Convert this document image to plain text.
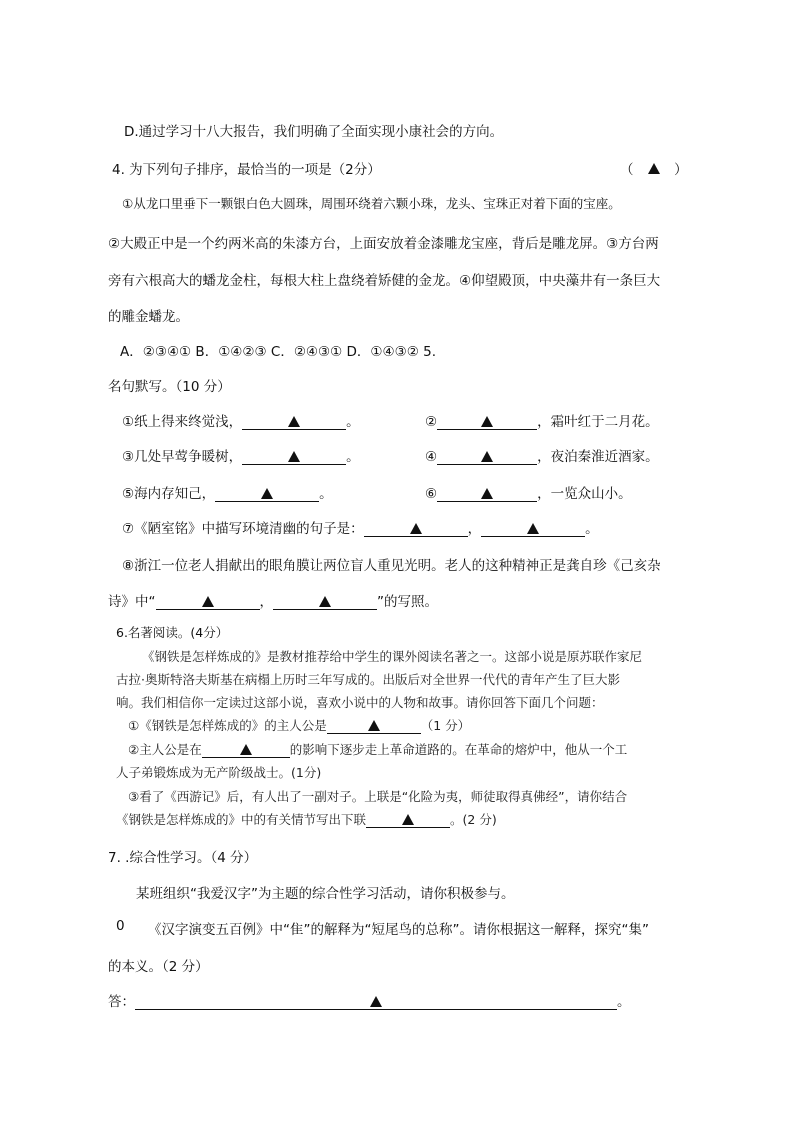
D.通过学习十八大报告，我们明确了全面实现小康社会的方向。
4. 为下列句子排序，最恰当的一项是（2分）	（	）
①从龙口里垂下一颗银白色大圆珠，周围环绕着六颗小珠，龙头、宝珠正对着下面的宝座。
②大殿正中是一个约两米高的朱漆方台，上面安放着金漆雕龙宝座，背后是雕龙屏。③方台两
旁有六根高大的蟠龙金柱，每根大柱上盘绕着矫健的金龙。④仰望殿顶，中央藻井有一条巨大
的雕金蟠龙。
A．②③④① B．①④②③ C．②④③① D．①④③② 5.
名句默写。（10 分）
①纸上得来终觉浅，	。	②	，霜叶红于二月花。
③几处早莺争暖树，	。	④	，夜泊秦淮近酒家。
⑤海内存知己，	。	⑥	，一览众山小。
⑦《陋室铭》中描写环境清幽的句子是：	，	。
⑧浙江一位老人捐献出的眼角膜让两位盲人重见光明。老人的这种精神正是龚自珍《己亥杂
诗》中“	，	”的写照。
6.名著阅读。(4分）
《钢铁是怎样炼成的》是教材推荐给中学生的课外阅读名著之一。这部小说是原苏联作家尼
古拉·奥斯特洛夫斯基在病榻上历时三年写成的。出版后对全世界一代代的青年产生了巨大影
响。我们相信你一定读过这部小说，喜欢小说中的人物和故事。请你回答下面几个问题：
①《钢铁是怎样炼成的》的主人公是	（1 分）
②主人公是在	的影响下逐步走上革命道路的。在革命的熔炉中，他从一个工
人子弟锻炼成为无产阶级战士。(1分)
③看了《西游记》后，有人出了一副对子。上联是“化险为夷，师徒取得真佛经”，请你结合
《钢铁是怎样炼成的》中的有关情节写出下联	。(2 分)
7. .综合性学习。（4 分）
某班组织“我爱汉字”为主题的综合性学习活动，请你积极参与。
0 《汉字演变五百例》中“隹”的解释为“短尾鸟的总称”。请你根据这一解释，探究“集”
的本义。（2 分）
答：	。
